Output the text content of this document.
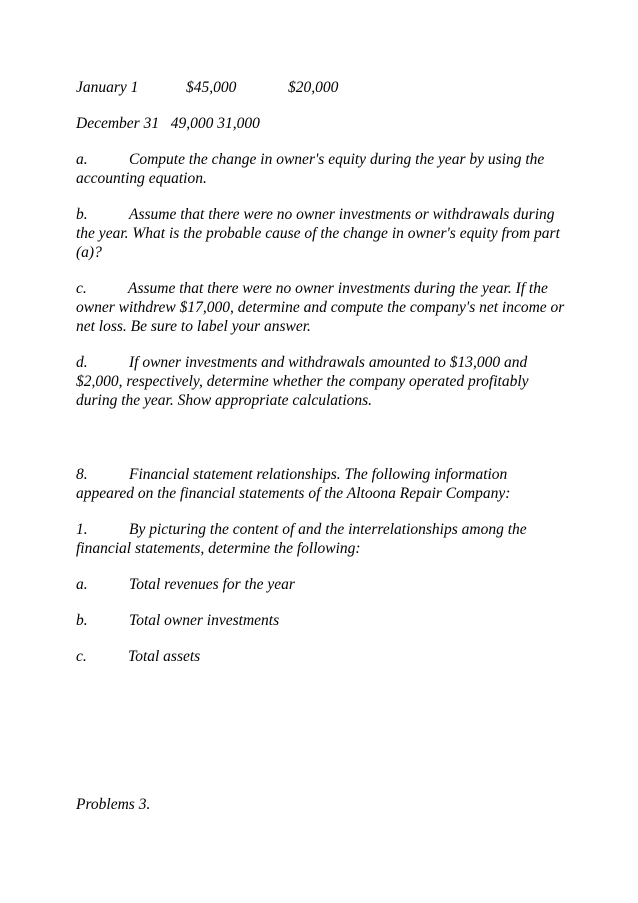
January 1	$45,000	$20,000

December 31   49,000 31,000

a.	Compute the change in owner's equity during the year by using the accounting equation.

b.	Assume that there were no owner investments or withdrawals during the year. What is the probable cause of the change in owner's equity from part (a)?

c.	Assume that there were no owner investments during the year. If the owner withdrew $17,000, determine and compute the company's net income or net loss. Be sure to label your answer.

d.	If owner investments and withdrawals amounted to $13,000 and $2,000, respectively, determine whether the company operated profitably during the year. Show appropriate calculations.

8.	Financial statement relationships. The following information appeared on the financial statements of the Altoona Repair Company:

1.	By picturing the content of and the interrelationships among the financial statements, determine the following:

a.	Total revenues for the year

b.	Total owner investments

c.	Total assets

Problems 3.
